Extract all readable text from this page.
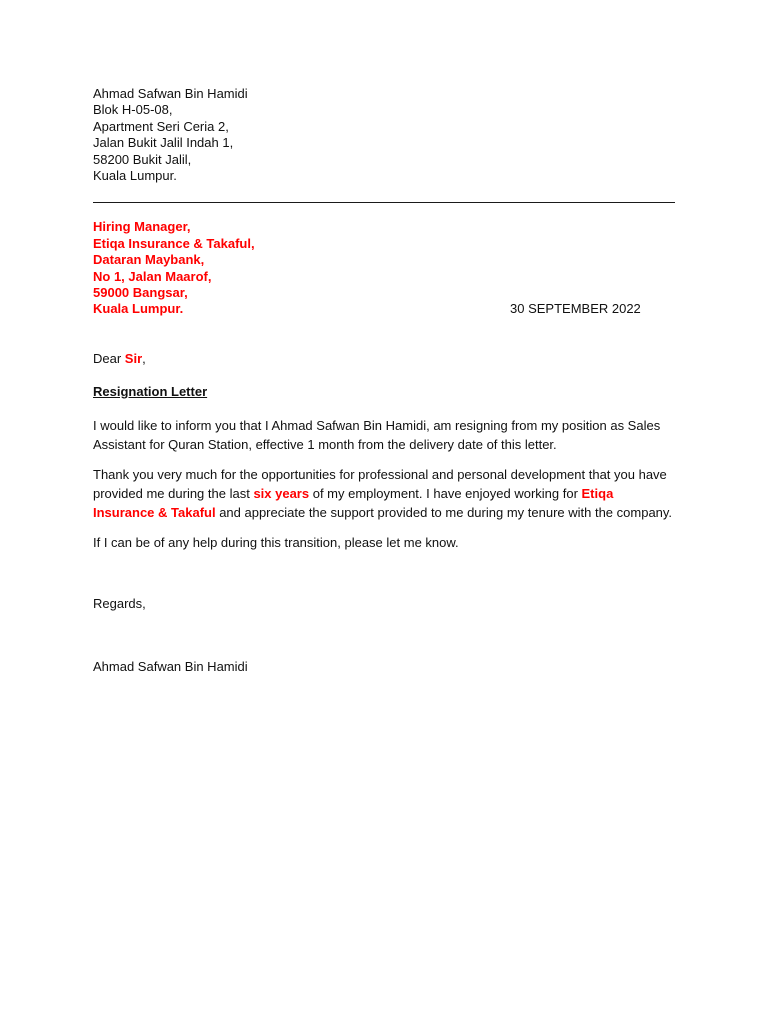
Ahmad Safwan Bin Hamidi
Blok H-05-08,
Apartment Seri Ceria 2,
Jalan Bukit Jalil Indah 1,
58200 Bukit Jalil,
Kuala Lumpur.
Hiring Manager,
Etiqa Insurance & Takaful,
Dataran Maybank,
No 1, Jalan Maarof,
59000 Bangsar,
Kuala Lumpur.	30 SEPTEMBER 2022
Dear Sir,
Resignation Letter

I would like to inform you that I Ahmad Safwan Bin Hamidi, am resigning from my position as Sales Assistant for Quran Station, effective 1 month from the delivery date of this letter.

Thank you very much for the opportunities for professional and personal development that you have provided me during the last six years of my employment. I have enjoyed working for Etiqa Insurance & Takaful and appreciate the support provided to me during my tenure with the company.

If I can be of any help during this transition, please let me know.

Regards,
Ahmad Safwan Bin Hamidi
